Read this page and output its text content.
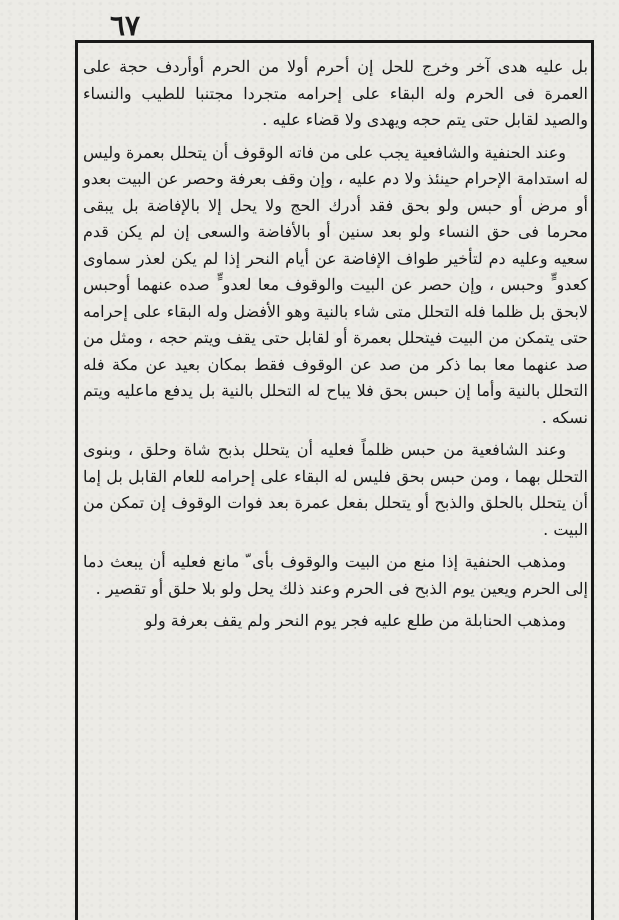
٦٧

بل عليه هدى آخر وخرج للحل إن أحرم أولا من الحرم أوأردف حجة على العمرة فى الحرم وله البقاء على إحرامه متجردا مجتنبا للطيب والنساء والصيد لقابل حتى يتم حجه ويهدى ولا قضاء عليه .

وعند الحنفية والشافعية يجب على من فاته الوقوف أن يتحلل بعمرة وليس له استدامة الإحرام حينئذ ولا دم عليه ، وإن وقف بعرفة وحصر عن البيت بعدو أو مرض أو حبس ولو بحق فقد أدرك الحج ولا يحل إلا بالإفاضة بل يبقى محرما فى حق النساء ولو بعد سنين أو بالأفاضة والسعى إن لم يكن قدم سعيه وعليه دم لتأخير طواف الإفاضة عن أيام النحر إذا لم يكن لعذر سماوى كعدو ٍّ وحبس ، وإن حصر عن البيت والوقوف معا لعدو ٍّ صده عنهما أوحبس لابحق بل ظلما فله التحلل متى شاء بالنية وهو الأفضل وله البقاء على إحرامه حتى يتمكن من البيت فيتحلل بعمرة أو لقابل حتى يقف ويتم حجه ، ومثل من صد عنهما معا بما ذكر من صد عن الوقوف فقط بمكان بعيد عن مكة فله التحلل بالنية وأما إن حبس بحق فلا يباح له التحلل بالنية بل يدفع ماعليه ويتم نسكه .

وعند الشافعية من حبس ظلماً فعليه أن يتحلل بذبح شاة وحلق ، وبنوى التحلل بهما ، ومن حبس بحق فليس له البقاء على إحرامه للعام القابل بل إما أن يتحلل بالحلق والذبح أو يتحلل بفعل عمرة بعد فوات الوقوف إن تمكن من البيت .

ومذهب الحنفية إذا منع من البيت والوقوف بأى ّ مانع فعليه أن يبعث دما إلى الحرم ويعين يوم الذبح فى الحرم وعند ذلك يحل ولو بلا حلق أو تقصير .

ومذهب الحنابلة من طلع عليه فجر يوم النحر ولم يقف بعرفة ولو
